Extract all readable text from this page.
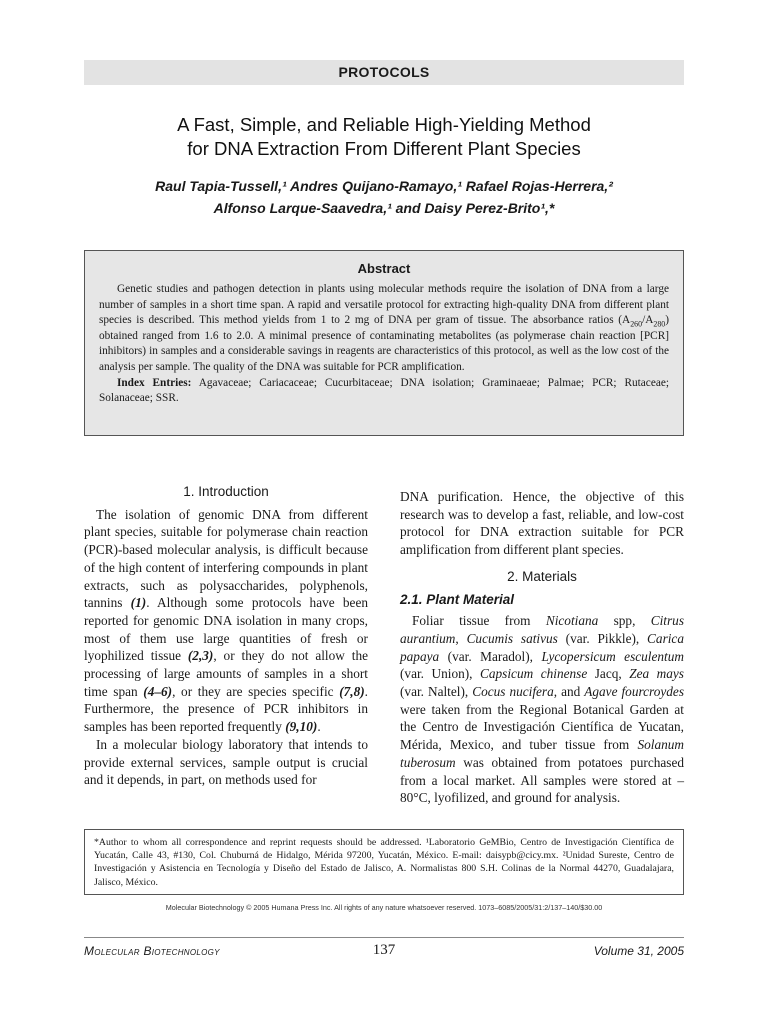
PROTOCOLS
A Fast, Simple, and Reliable High-Yielding Method
for DNA Extraction From Different Plant Species
Raul Tapia-Tussell,¹ Andres Quijano-Ramayo,¹ Rafael Rojas-Herrera,²
Alfonso Larque-Saavedra,¹ and Daisy Perez-Brito¹,*
Abstract

Genetic studies and pathogen detection in plants using molecular methods require the isolation of DNA from a large number of samples in a short time span. A rapid and versatile protocol for extracting high-quality DNA from different plant species is described. This method yields from 1 to 2 mg of DNA per gram of tissue. The absorbance ratios $(A_{260}/A_{280})$ obtained ranged from 1.6 to 2.0. A minimal presence of contaminating metabolites (as polymerase chain reaction [PCR] inhibitors) in samples and a considerable savings in reagents are characteristics of this protocol, as well as the low cost of the analysis per sample. The quality of the DNA was suitable for PCR amplification.

Index Entries: Agavaceae; Cariacaceae; Cucurbitaceae; DNA isolation; Graminaeae; Palmae; PCR; Rutaceae; Solanaceae; SSR.

1. Introduction

The isolation of genomic DNA from different plant species, suitable for polymerase chain reaction (PCR)-based molecular analysis, is difficult because of the high content of interfering compounds in plant extracts, such as polysaccharides, polyphenols, tannins (1). Although some protocols have been reported for genomic DNA isolation in many crops, most of them use large quantities of fresh or lyophilized tissue (2,3), or they do not allow the processing of large amounts of samples in a short time span (4–6), or they are species specific (7,8). Furthermore, the presence of PCR inhibitors in samples has been reported frequently (9,10).

In a molecular biology laboratory that intends to provide external services, sample output is crucial and it depends, in part, on methods used for

DNA purification. Hence, the objective of this research was to develop a fast, reliable, and low-cost protocol for DNA extraction suitable for PCR amplification from different plant species.

2. Materials
2.1. Plant Material

Foliar tissue from Nicotiana spp, Citrus aurantium, Cucumis sativus (var. Pikkle), Carica papaya (var. Maradol), Lycopersicum esculentum (var. Union), Capsicum chinense Jacq, Zea mays (var. Naltel), Cocus nucifera, and Agave fourcroydes were taken from the Regional Botanical Garden at the Centro de Investigación Científica de Yucatan, Mérida, Mexico, and tuber tissue from Solanum tuberosum was obtained from potatoes purchased from a local market. All samples were stored at –80°C, lyofilized, and ground for analysis.

*Author to whom all correspondence and reprint requests should be addressed. ¹Laboratorio GeMBio, Centro de Investigación Científica de Yucatán, Calle 43, #130, Col. Chuburná de Hidalgo, Mérida 97200, Yucatán, México. E-mail: daisypb@cicy.mx. ²Unidad Sureste, Centro de Investigación y Asistencia en Tecnología y Diseño del Estado de Jalisco, A. Normalistas 800 S.H. Colinas de la Normal 44270, Guadalajara, Jalisco, México.
Molecular Biotechnology © 2005 Humana Press Inc. All rights of any nature whatsoever reserved. 1073–6085/2005/31:2/137–140/$30.00
Molecular Biotechnology	137	Volume 31, 2005
